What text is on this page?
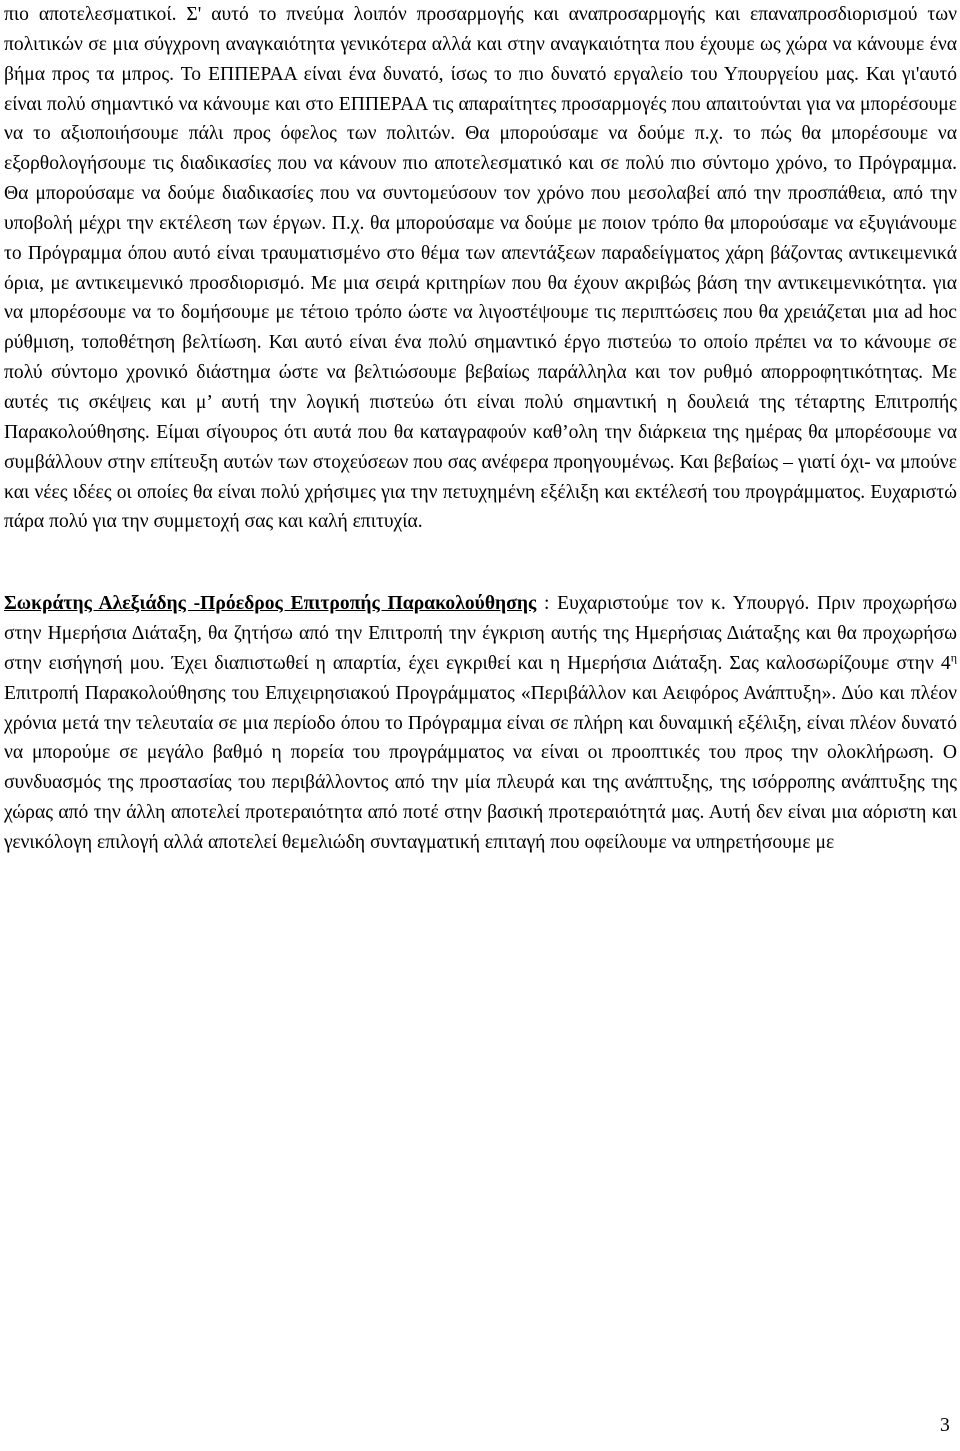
πιο αποτελεσματικοί. Σ' αυτό το πνεύμα λοιπόν προσαρμογής και αναπροσαρμογής και επαναπροσδιορισμού των πολιτικών σε μια σύγχρονη αναγκαιότητα γενικότερα αλλά και στην αναγκαιότητα που έχουμε ως χώρα να κάνουμε ένα βήμα προς τα μπρος. Το ΕΠΠΕΡΑΑ είναι ένα δυνατό, ίσως το πιο δυνατό εργαλείο του Υπουργείου μας. Και γι'αυτό είναι πολύ σημαντικό να κάνουμε και στο ΕΠΠΕΡΑΑ τις απαραίτητες προσαρμογές που απαιτούνται για να μπορέσουμε να το αξιοποιήσουμε πάλι προς όφελος των πολιτών. Θα μπορούσαμε να δούμε π.χ. το πώς θα μπορέσουμε να εξορθολογήσουμε τις διαδικασίες που να κάνουν πιο αποτελεσματικό και σε πολύ πιο σύντομο χρόνο, το Πρόγραμμα. Θα μπορούσαμε να δούμε διαδικασίες που να συντομεύσουν τον χρόνο που μεσολαβεί από την προσπάθεια, από την υποβολή μέχρι την εκτέλεση των έργων. Π.χ. θα μπορούσαμε να δούμε με ποιον τρόπο θα μπορούσαμε να εξυγιάνουμε το Πρόγραμμα όπου αυτό είναι τραυματισμένο στο θέμα των απεντάξεων παραδείγματος χάρη βάζοντας αντικειμενικά όρια, με αντικειμενικό προσδιορισμό. Με μια σειρά κριτηρίων που θα έχουν ακριβώς βάση την αντικειμενικότητα. για να μπορέσουμε να το δομήσουμε με τέτοιο τρόπο ώστε να λιγοστέψουμε τις περιπτώσεις που θα χρειάζεται μια ad hoc ρύθμιση, τοποθέτηση βελτίωση. Και αυτό είναι ένα πολύ σημαντικό έργο πιστεύω το οποίο πρέπει να το κάνουμε σε πολύ σύντομο χρονικό διάστημα ώστε να βελτιώσουμε βεβαίως παράλληλα και τον ρυθμό απορροφητικότητας. Με αυτές τις σκέψεις και μ’ αυτή την λογική πιστεύω ότι είναι πολύ σημαντική η δουλειά της τέταρτης Επιτροπής Παρακολούθησης. Είμαι σίγουρος ότι αυτά που θα καταγραφούν καθ’ολη την διάρκεια της ημέρας θα μπορέσουμε να συμβάλλουν στην επίτευξη αυτών των στοχεύσεων που σας ανέφερα προηγουμένως. Και βεβαίως – γιατί όχι- να μπούνε και νέες ιδέες οι οποίες θα είναι πολύ χρήσιμες για την πετυχημένη εξέλιξη και εκτέλεσή του προγράμματος. Ευχαριστώ πάρα πολύ για την συμμετοχή σας και καλή επιτυχία.

Σωκράτης Αλεξιάδης -Πρόεδρος Επιτροπής Παρακολούθησης : Ευχαριστούμε τον κ. Υπουργό. Πριν προχωρήσω στην Ημερήσια Διάταξη, θα ζητήσω από την Επιτροπή την έγκριση αυτής της Ημερήσιας Διάταξης και θα προχωρήσω στην εισήγησή μου. Έχει διαπιστωθεί η απαρτία, έχει εγκριθεί και η Ημερήσια Διάταξη. Σας καλοσωρίζουμε στην $4^\eta$ Επιτροπή Παρακολούθησης του Επιχειρησιακού Προγράμματος «Περιβάλλον και Αειφόρος Ανάπτυξη». Δύο και πλέον χρόνια μετά την τελευταία σε μια περίοδο όπου το Πρόγραμμα είναι σε πλήρη και δυναμική εξέλιξη, είναι πλέον δυνατό να μπορούμε σε μεγάλο βαθμό η πορεία του προγράμματος να είναι οι προοπτικές του προς την ολοκλήρωση. Ο συνδυασμός της προστασίας του περιβάλλοντος από την μία πλευρά και της ανάπτυξης, της ισόρροπης ανάπτυξης της χώρας από την άλλη αποτελεί προτεραιότητα από ποτέ στην βασική προτεραιότητά μας. Αυτή δεν είναι μια αόριστη και γενικόλογη επιλογή αλλά αποτελεί θεμελιώδη συνταγματική επιταγή που οφείλουμε να υπηρετήσουμε με

3
